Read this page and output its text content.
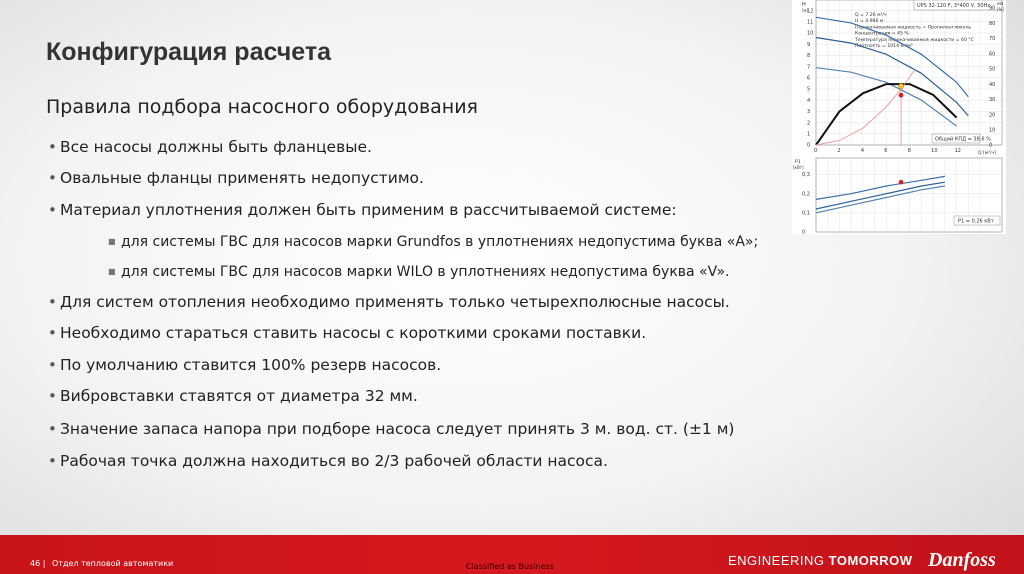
Конфигурация расчета
Правила подбора насосного оборудования
• Все насосы должны быть фланцевые.
• Овальные фланцы применять недопустимо.
• Материал уплотнения должен быть применим в рассчитываемой системе:
■ для системы ГВС для насосов марки Grundfos в уплотнениях недопустима буква «А»;
■ для системы ГВС для насосов марки WILO в уплотнениях недопустима буква «V».
• Для систем отопления необходимо применять только четырехполюсные насосы.
• Необходимо стараться ставить насосы с короткими сроками поставки.
• По умолчанию ставится 100% резерв насосов.
• Вибровставки ставятся от диаметра 32 мм.
• Значение запаса напора при подборе насоса следует принять 3 м. вод. ст. (±1 м)
• Рабочая точка должна находиться во 2/3 рабочей области насоса.
UPS 32-120 F, 3*400 V, 50Hz
Q = 7.26 м³/ч
H = 4.986 м
Перекачиваемая жидкость = Пропиленгликоль
Концентрация = 45 %
Температура перекачиваемой жидкости = 60 °C
Плотность = 1014 кг/м³
H
[м]
eta
[%]
Q [м³/ч]
P1
[кВт]
12
11
10
9
8
7
6
5
4
3
2
1
0
0	2	4	6	8	10	12
90
80
70
60
50
40
30
20
10
0
0,3
0,2
0,1
0
Общий КПД = 38.6 %
P1 = 0.26 кВт
46 | Отдел тепловой автоматики	Classified as Business	ENGINEERING TOMORROW Danfoss
